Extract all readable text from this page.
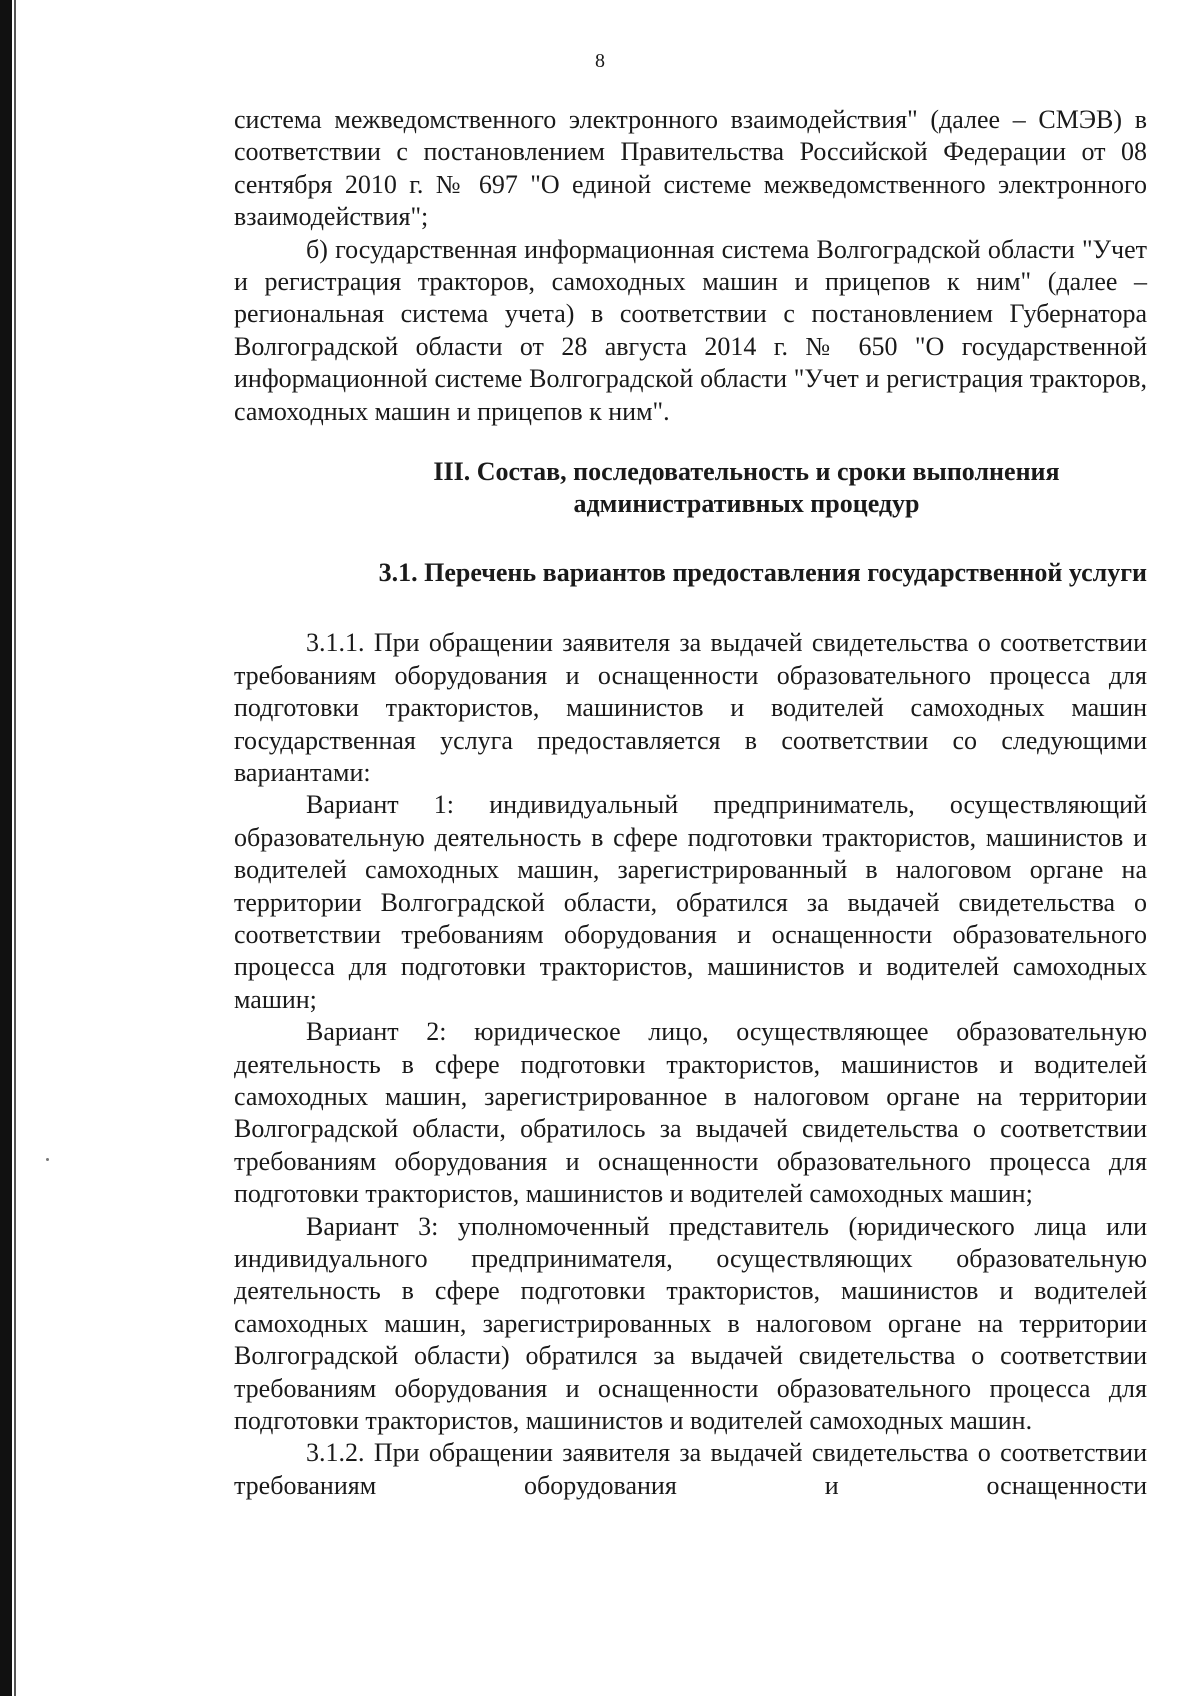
8

система межведомственного электронного взаимодействия" (далее – СМЭВ) в соответствии с постановлением Правительства Российской Федерации от 08 сентября 2010 г. № 697 "О единой системе межведомственного электронного взаимодействия";

б) государственная информационная система Волгоградской области "Учет и регистрация тракторов, самоходных машин и прицепов к ним" (далее – региональная система учета) в соответствии с постановлением Губернатора Волгоградской области от 28 августа 2014 г. № 650 "О государственной информационной системе Волгоградской области "Учет и регистрация тракторов, самоходных машин и прицепов к ним".

III. Состав, последовательность и сроки выполнения
административных процедур
3.1. Перечень вариантов предоставления государственной услуги

3.1.1. При обращении заявителя за выдачей свидетельства о соответствии требованиям оборудования и оснащенности образовательного процесса для подготовки трактористов, машинистов и водителей самоходных машин государственная услуга предоставляется в соответствии со следующими вариантами:

Вариант 1: индивидуальный предприниматель, осуществляющий образовательную деятельность в сфере подготовки трактористов, машинистов и водителей самоходных машин, зарегистрированный в налоговом органе на территории Волгоградской области, обратился за выдачей свидетельства о соответствии требованиям оборудования и оснащенности образовательного процесса для подготовки трактористов, машинистов и водителей самоходных машин;

Вариант 2: юридическое лицо, осуществляющее образовательную деятельность в сфере подготовки трактористов, машинистов и водителей самоходных машин, зарегистрированное в налоговом органе на территории Волгоградской области, обратилось за выдачей свидетельства о соответствии требованиям оборудования и оснащенности образовательного процесса для подготовки трактористов, машинистов и водителей самоходных машин;

Вариант 3: уполномоченный представитель (юридического лица или индивидуального предпринимателя, осуществляющих образовательную деятельность в сфере подготовки трактористов, машинистов и водителей самоходных машин, зарегистрированных в налоговом органе на территории Волгоградской области) обратился за выдачей свидетельства о соответствии требованиям оборудования и оснащенности образовательного процесса для подготовки трактористов, машинистов и водителей самоходных машин.

3.1.2. При обращении заявителя за выдачей свидетельства о соответствии требованиям оборудования и оснащенности
